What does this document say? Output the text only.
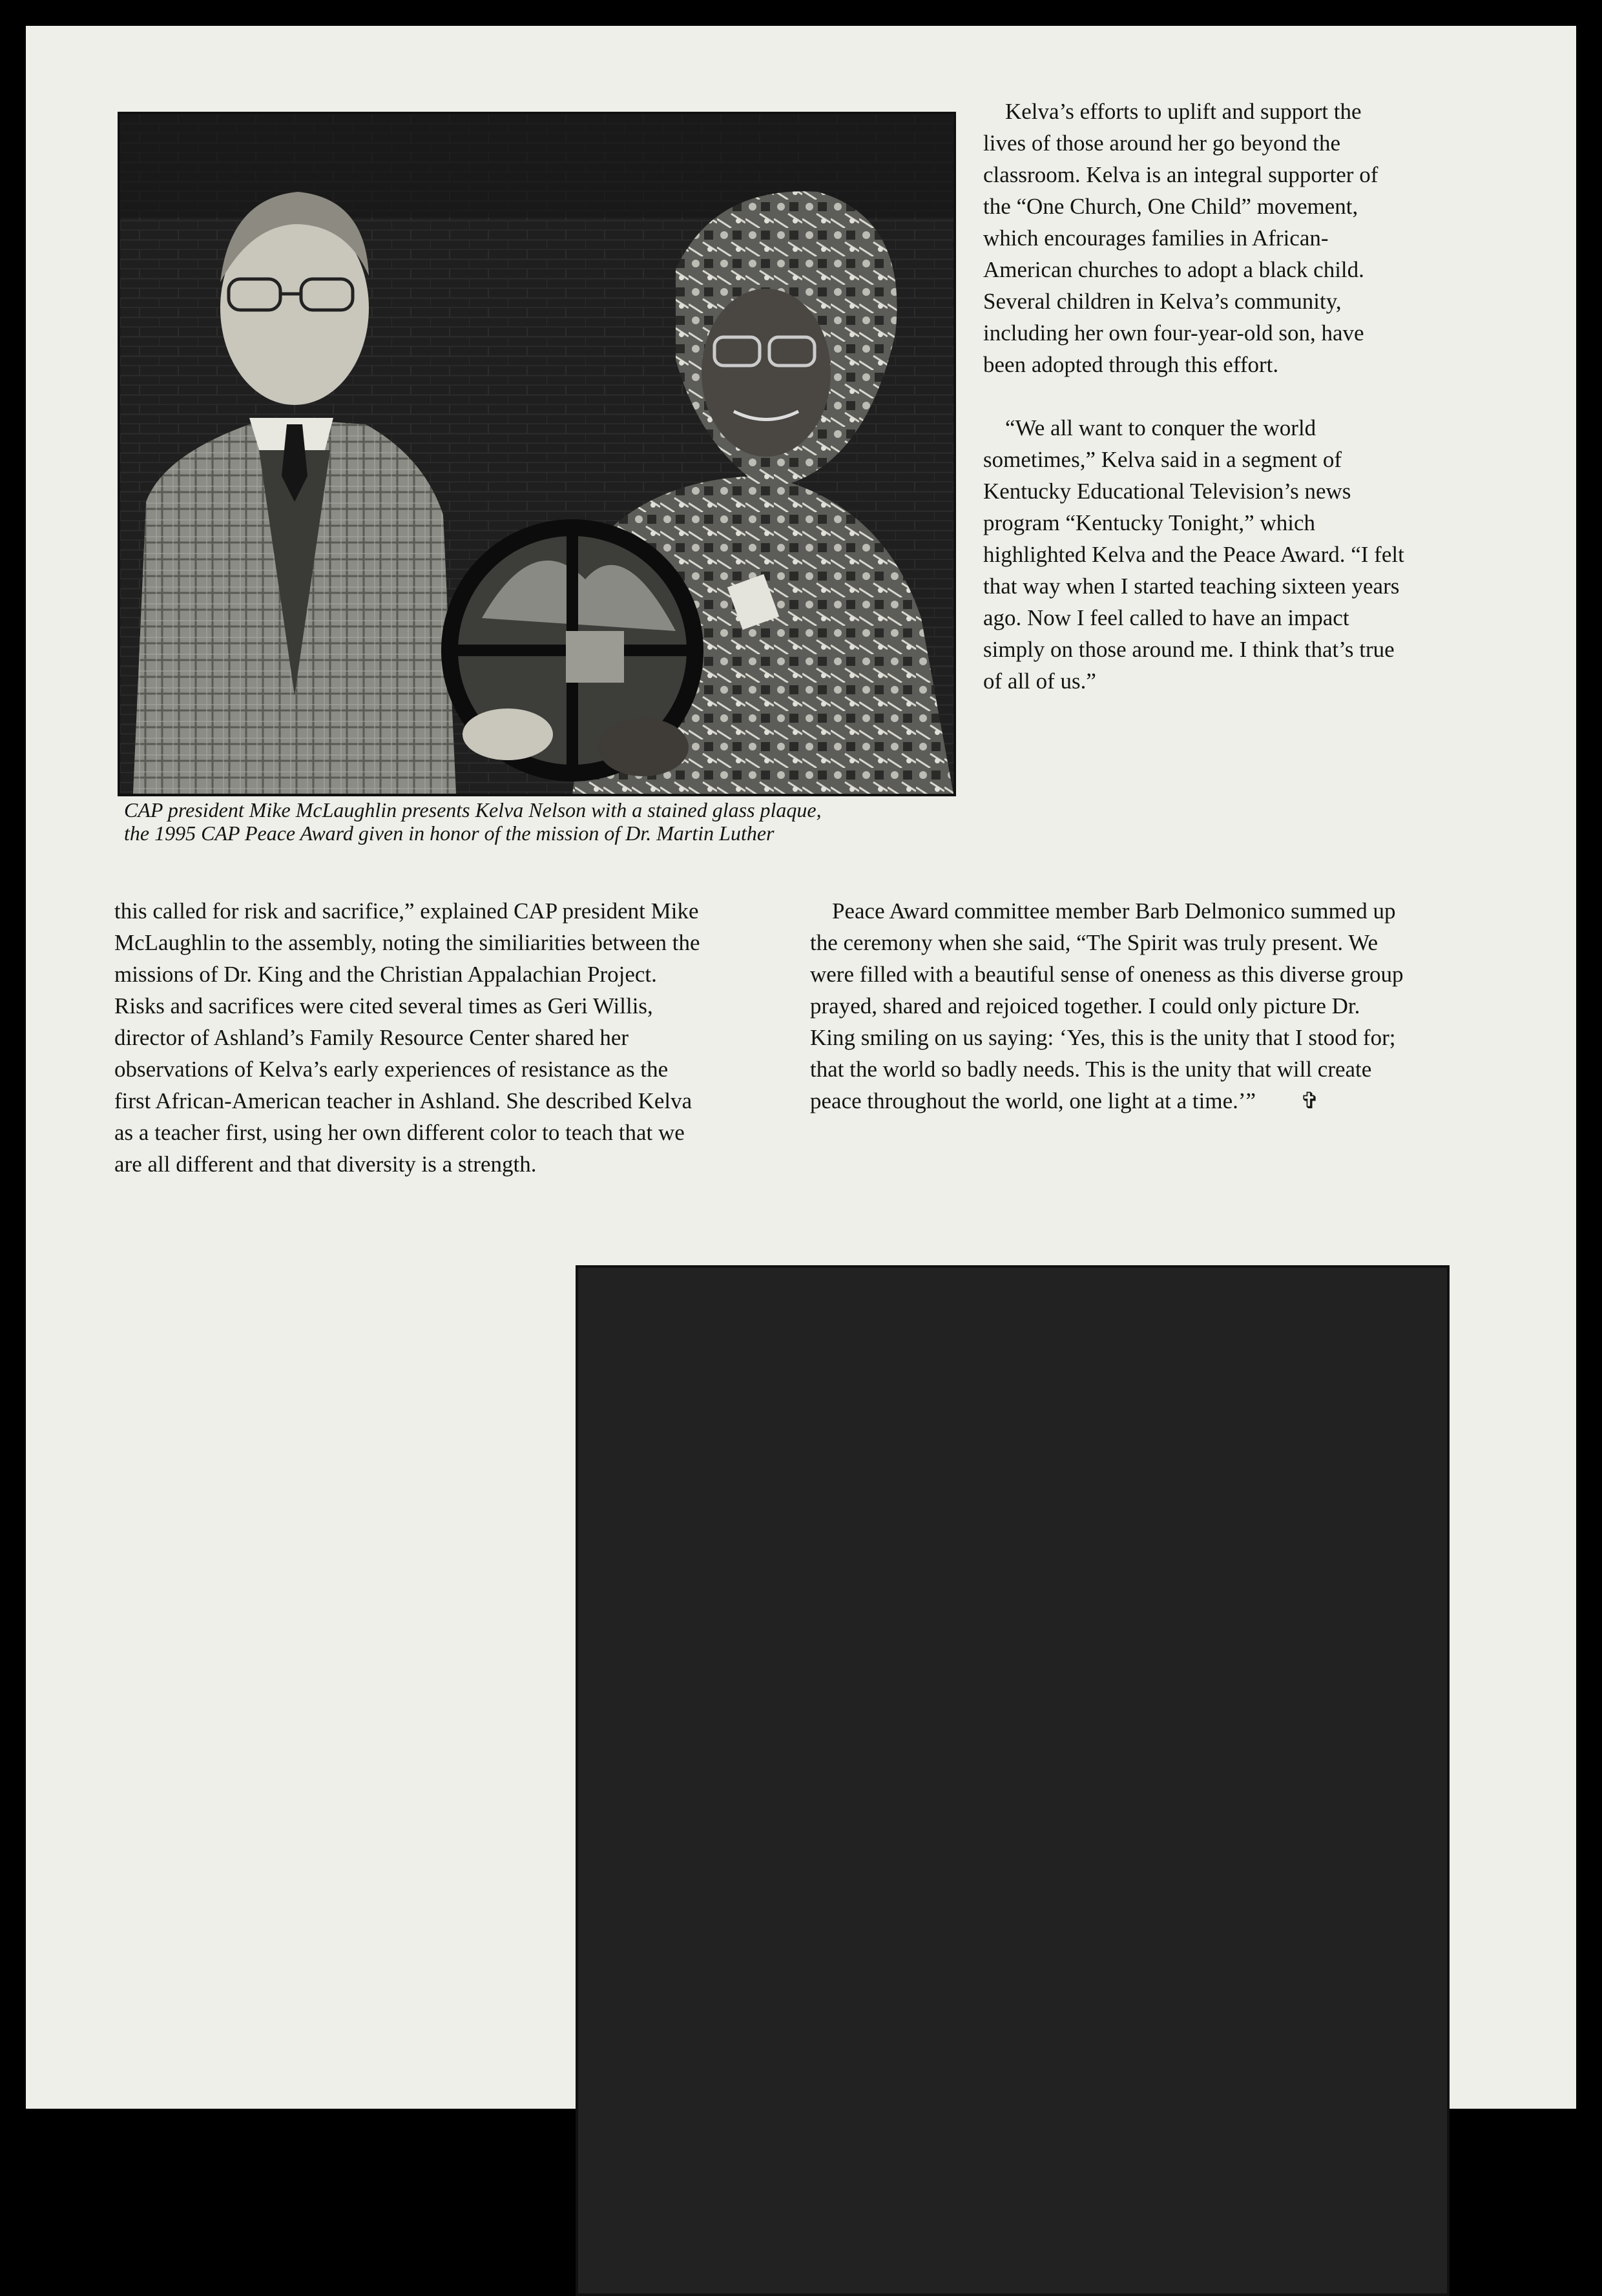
CAP president Mike McLaughlin presents Kelva Nelson with a stained glass plaque,
the 1995 CAP Peace Award given in honor of the mission of Dr. Martin Luther

Kelva’s efforts to uplift and support the lives of those around her go beyond the classroom. Kelva is an integral supporter of the “One Church, One Child” movement, which encourages families in African-American churches to adopt a black child. Several children in Kelva’s community, including her own four-year-old son, have been adopted through this effort.

“We all want to conquer the world sometimes,” Kelva said in a segment of Kentucky Educational Television’s news program “Kentucky Tonight,” which highlighted Kelva and the Peace Award. “I felt that way when I started teaching sixteen years ago. Now I feel called to have an impact simply on those around me. I think that’s true of all of us.”

this called for risk and sacrifice,” explained CAP president Mike McLaughlin to the assembly, noting the similiarities between the missions of Dr. King and the Christian Appalachian Project. Risks and sacrifices were cited several times as Geri Willis, director of Ashland’s Family Resource Center shared her observations of Kelva’s early experiences of resistance as the first African-American teacher in Ashland. She described Kelva as a teacher first, using her own different color to teach that we are all different and that diversity is a strength.

Peace Award committee member Barb Delmonico summed up the ceremony when she said, “The Spirit was truly present. We were filled with a beautiful sense of oneness as this diverse group prayed, shared and rejoiced together. I could only picture Dr. King smiling on us saying: ‘Yes, this is the unity that I stood for; that the world so badly needs. This is the unity that will create peace throughout the world, one light at a time.’” ✞
